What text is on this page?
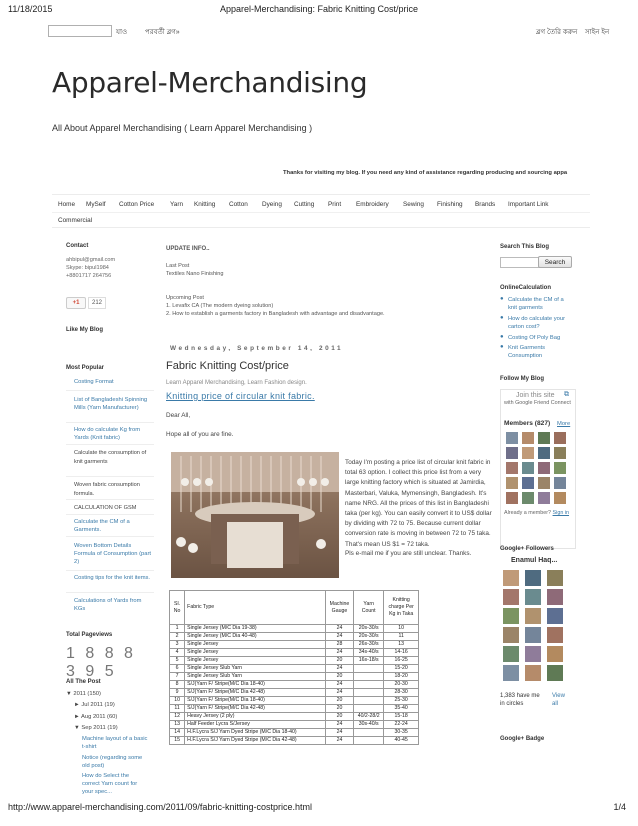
11/18/2015	Apparel-Merchandising: Fabric Knitting Cost/price
যাও	পরবর্তী ব্লগ»	ব্লগ তৈরি করুন সাইন ইন
Apparel-Merchandising
All About Apparel Merchandising ( Learn Apparel Merchandising )
Thanks for visiting my blog. If you need any kind of assistance regarding producing and sourcing appa
Home MySelf Cotton Price Yarn Knitting Cotton Dyeing Cutting Print Embroidery Sewing Finishing Brands Important Link
Commercial
Contact
ahbipul@gmail.com
Skype: bipul1984
+8801717 264756
+1	212
Like My Blog
Most Popular
Costing Format
List of Bangladeshi Spinning Mills (Yarn Manufacturer)
How do calculate Kg from Yards (Knit fabric)
Calculate the consumption of knit garments
Woven fabric consumption formula.
CALCULATION OF GSM
Calculate the CM of a Garments.
Woven Bottom Details Formula of Consumption (part 2)
Costing tips for the knit items.
Calculations of Yards from KGs
Total Pageviews
1 8 8 8 3 9 5
All The Post
▼ 2011 (150)
► Jul 2011 (19)
► Aug 2011 (60)
▼ Sep 2011 (19)
Machine layout of a basic t-shirt
Notice (regarding some old post)
How do Select the correct Yarn count for your spec...
UPDATE INFO..
Last Post
Textiles Nano Finishing
Upcoming Post
1. Levafix CA (The modern dyeing solution)
2. How to establish a garments factory in Bangladesh with advantage and disadvantage.
Wednesday, September 14, 2011
Fabric Knitting Cost/price
Learn Apparel Merchandising, Learn Fashion design.
Knitting price of circular knit fabric.
Dear All,
Hope all of you are fine.
Today I'm posting a price list of circular knit fabric in total 63 option. I collect this price list from a very large knitting factory which is situated at Jamirdia, Masterbari, Valuka, Mymensingh, Bangladesh. It's name NRG. All the prices of this list in Bangladeshi taka (per kg). You can easily convert it to US$ dollar by dividing with 72 to 75. Because current dollar conversion rate is moving in between 72 to 75 taka. That's mean US $1 = 72 taka.
Pls e-mail me if you are still unclear. Thanks.
Sl. No	Fabric Type	Machine Gauge	Yarn Count	Knitting charge Per Kg in Taka
1	Single Jersey (M/C Dia 19-38)	24	20s-30/s	10
2	Single Jersey (M/C Dia 40-48)	24	20s-30/s	11
3	Single Jersey	28	26s-30/s	13
4	Single Jersey	24	34s-40/s	14-16
5	Single Jersey	20	16s-18/s	16-25
6	Single Jersey Slub Yarn	24		15-20
7	Single Jersey Slub Yarn	20		18-20
8	S/J(Yarn F/ Stripe(M/C Dia 18-40)	24		20-30
9	S/J(Yarn F/ Stripe(M/C Dia 42-48)	24		28-30
10	S/J(Yarn F/ Stripe(M/C Dia 18-40)	20		25-30
11	S/J(Yarn F/ Stripe(M/C Dia 42-48)	20		35-40
12	Heavy Jersey (2 ply)	20	40/2-28/2	15-18
13	Half Feeder Lycra S/Jersey	24	30s-40/s	22-24
14	H.F.Lycra S/J Yarn Dyed Stripe (M/C Dia 18-40)	24		30-35
15	H.F.Lycra S/J Yarn Dyed Stripe (M/C Dia 42-48)	24		40-45
Search This Blog
Search
OnlineCalculation
● Calculate the CM of a knit garments
● How do calculate your carton cost?
● Costing Of Poly Bag
● Knit Garments Consumption
Follow My Blog
Join this site ⧉
with Google Friend Connect
Members (827) More
Already a member? Sign in
Google+ Followers
Enamul Haq...
1,383 have me in circles
View all
Google+ Badge
http://www.apparel-merchandising.com/2011/09/fabric-knitting-costprice.html	1/4
